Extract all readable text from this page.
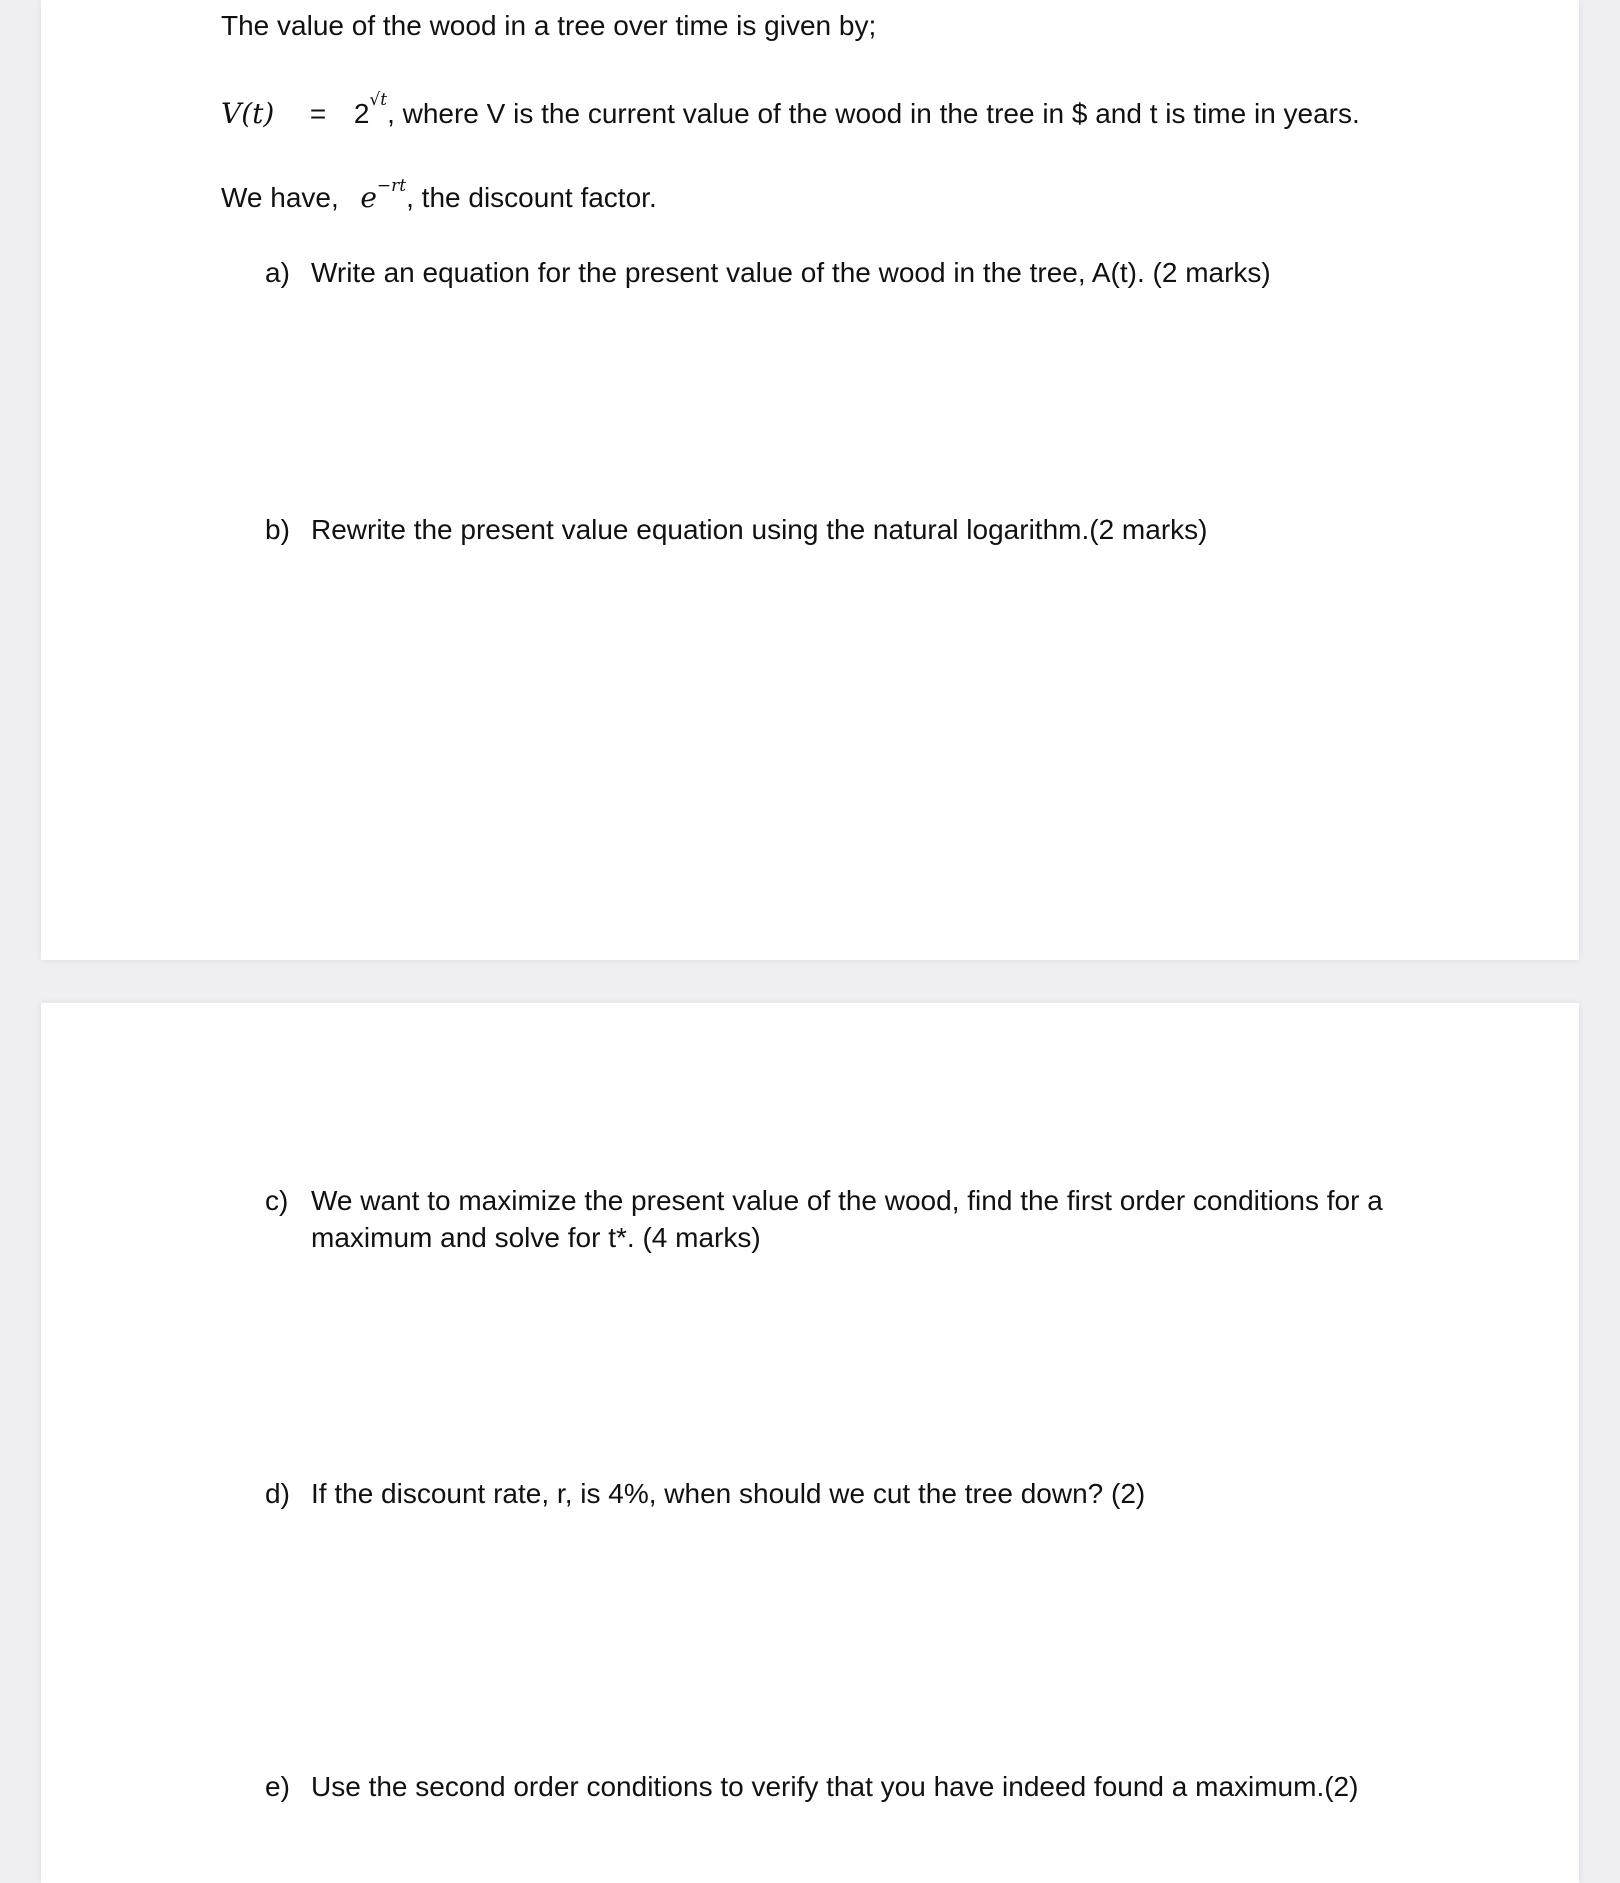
The value of the wood in a tree over time is given by;
$V(t) = 2^{√t}$, where V is the current value of the wood in the tree in $ and t is time in years.
We have, $e^{-rt}$, the discount factor.
a) Write an equation for the present value of the wood in the tree, A(t). (2 marks)
b) Rewrite the present value equation using the natural logarithm.(2 marks)
c) We want to maximize the present value of the wood, find the first order conditions for a
maximum and solve for t*. (4 marks)
d) If the discount rate, r, is 4%, when should we cut the tree down? (2)
e) Use the second order conditions to verify that you have indeed found a maximum.(2)
